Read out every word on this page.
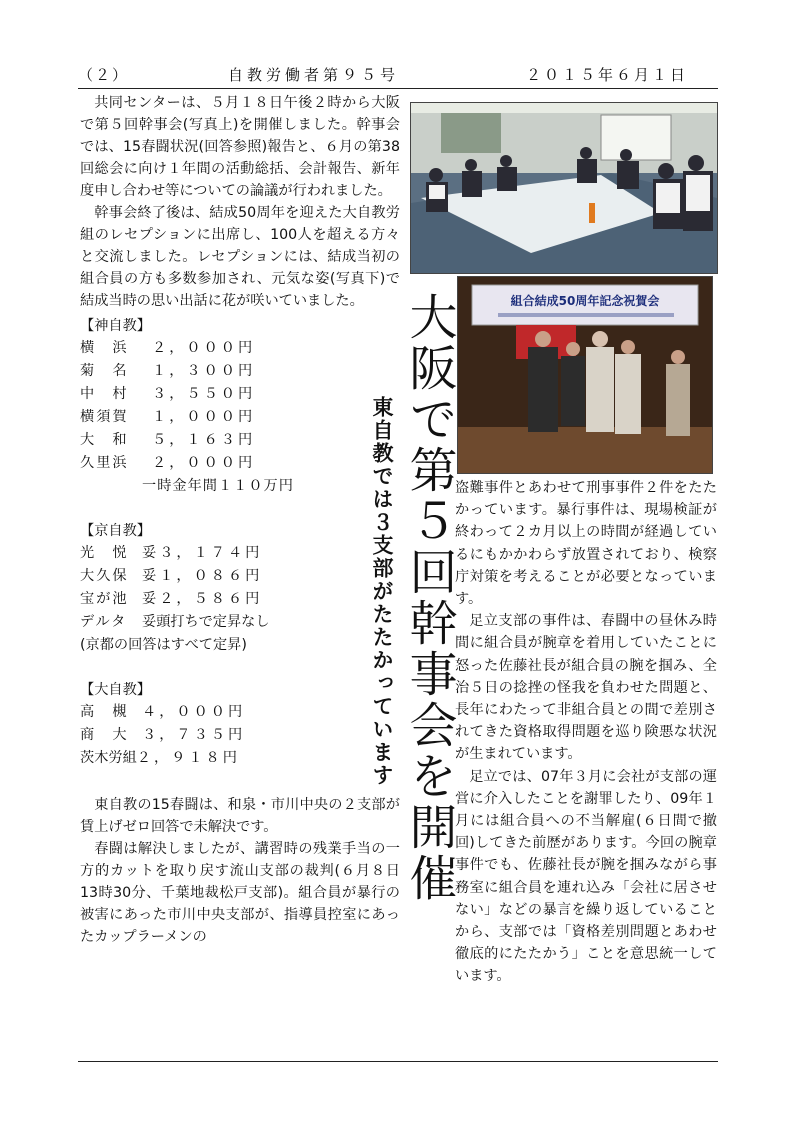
（２）	自教労働者第９５号	２０１５年６月１日

共同センターは、５月１８日午後２時から大阪で第５回幹事会(写真上)を開催しました。幹事会では、15春闘状況(回答参照)報告と、６月の第38回総会に向け１年間の活動総括、会計報告、新年度申し合わせ等についての論議が行われました。

幹事会終了後は、結成50周年を迎えた大自教労組のレセプションに出席し、100人を超える方々と交流しました。レセプションには、結成当初の組合員の方も多数参加され、元気な姿(写真下)で結成当時の思い出話に花が咲いていました。

【神自教】

横　浜	２，０００円
菊　名	１，３００円
中　村	３，５５０円
横須賀	１，０００円
大　和	５，１６３円
久里浜	２，０００円
一時金年間１１０万円

【京自教】

光　悦 妥３，１７４円
大久保 妥１，０８６円
宝が池 妥２，５８６円
デルタ	妥頭打ちで定昇なし
(京都の回答はすべて定昇)

【大自教】

高　槻 ４，０００円
商　大 ３，７３５円
茨木労組 ２，９１８円

東自教の15春闘は、和泉・市川中央の２支部が賃上げゼロ回答で未解決です。

春闘は解決しましたが、講習時の残業手当の一方的カットを取り戻す流山支部の裁判(６月８日13時30分、千葉地裁松戸支部)。組合員が暴行の被害にあった市川中央支部が、指導員控室にあったカップラーメンの

東自教では３支部がたたかっています 大阪で第５回幹事会を開催	組合結成50周年記念祝賀会

盗難事件とあわせて刑事事件２件をたたかっています。暴行事件は、現場検証が終わって２カ月以上の時間が経過しているにもかかわらず放置されており、検察庁対策を考えることが必要となっています。

足立支部の事件は、春闘中の昼休み時間に組合員が腕章を着用していたことに怒った佐藤社長が組合員の腕を掴み、全治５日の捻挫の怪我を負わせた問題と、長年にわたって非組合員との間で差別されてきた資格取得問題を巡り険悪な状況が生まれています。

足立では、07年３月に会社が支部の運営に介入したことを謝罪したり、09年１月には組合員への不当解雇(６日間で撤回)してきた前歴があります。今回の腕章事件でも、佐藤社長が腕を掴みながら事務室に組合員を連れ込み「会社に居させない」などの暴言を繰り返していることから、支部では「資格差別問題とあわせ徹底的にたたかう」ことを意思統一しています。
